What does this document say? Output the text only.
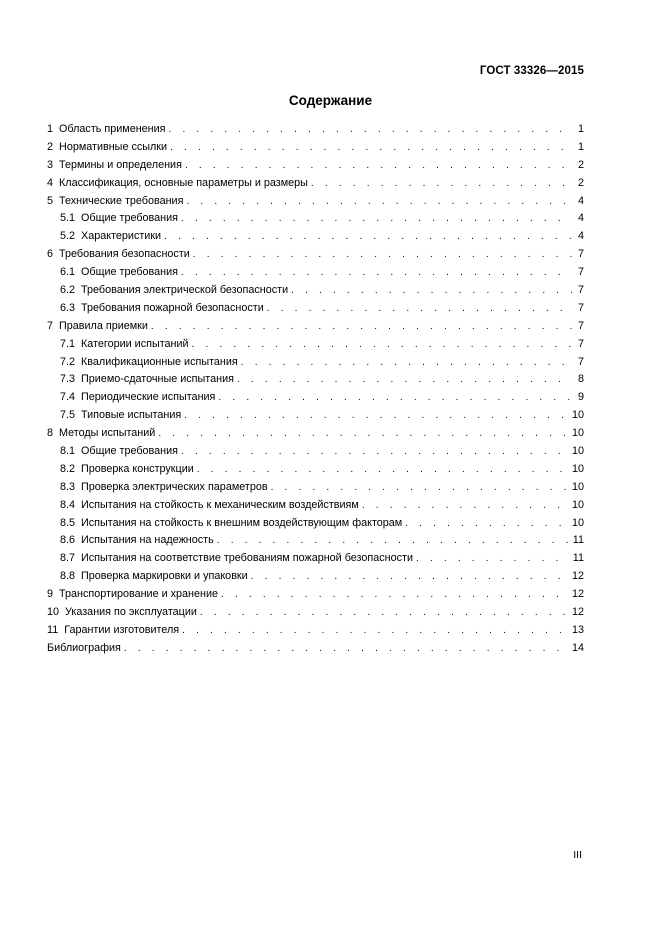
ГОСТ 33326—2015
Содержание
1 Область применения . . .	1
2 Нормативные ссылки . . .	1
3 Термины и определения . . .	2
4 Классификация, основные параметры и размеры . . .	2
5 Технические требования . . .	4
5.1 Общие требования . . .	4
5.2 Характеристики . . .	4
6 Требования безопасности . . .	7
6.1 Общие требования . . .	7
6.2 Требования электрической безопасности . . .	7
6.3 Требования пожарной безопасности . . .	7
7 Правила приемки . . .	7
7.1 Категории испытаний . . .	7
7.2 Квалификационные испытания . . .	7
7.3 Приемо-сдаточные испытания . . .	8
7.4 Периодические испытания . . .	9
7.5 Типовые испытания . . .	10
8 Методы испытаний . . .	10
8.1 Общие требования . . .	10
8.2 Проверка конструкции . . .	10
8.3 Проверка электрических параметров . . .	10
8.4 Испытания на стойкость к механическим воздействиям . . .	10
8.5 Испытания на стойкость к внешним воздействующим факторам . . .	10
8.6 Испытания на надежность . . .	11
8.7 Испытания на соответствие требованиям пожарной безопасности . . .	11
8.8 Проверка маркировки и упаковки . . .	12
9 Транспортирование и хранение . . .	12
10 Указания по эксплуатации . . .	12
11 Гарантии изготовителя . . .	13
Библиография . . .	14
III
